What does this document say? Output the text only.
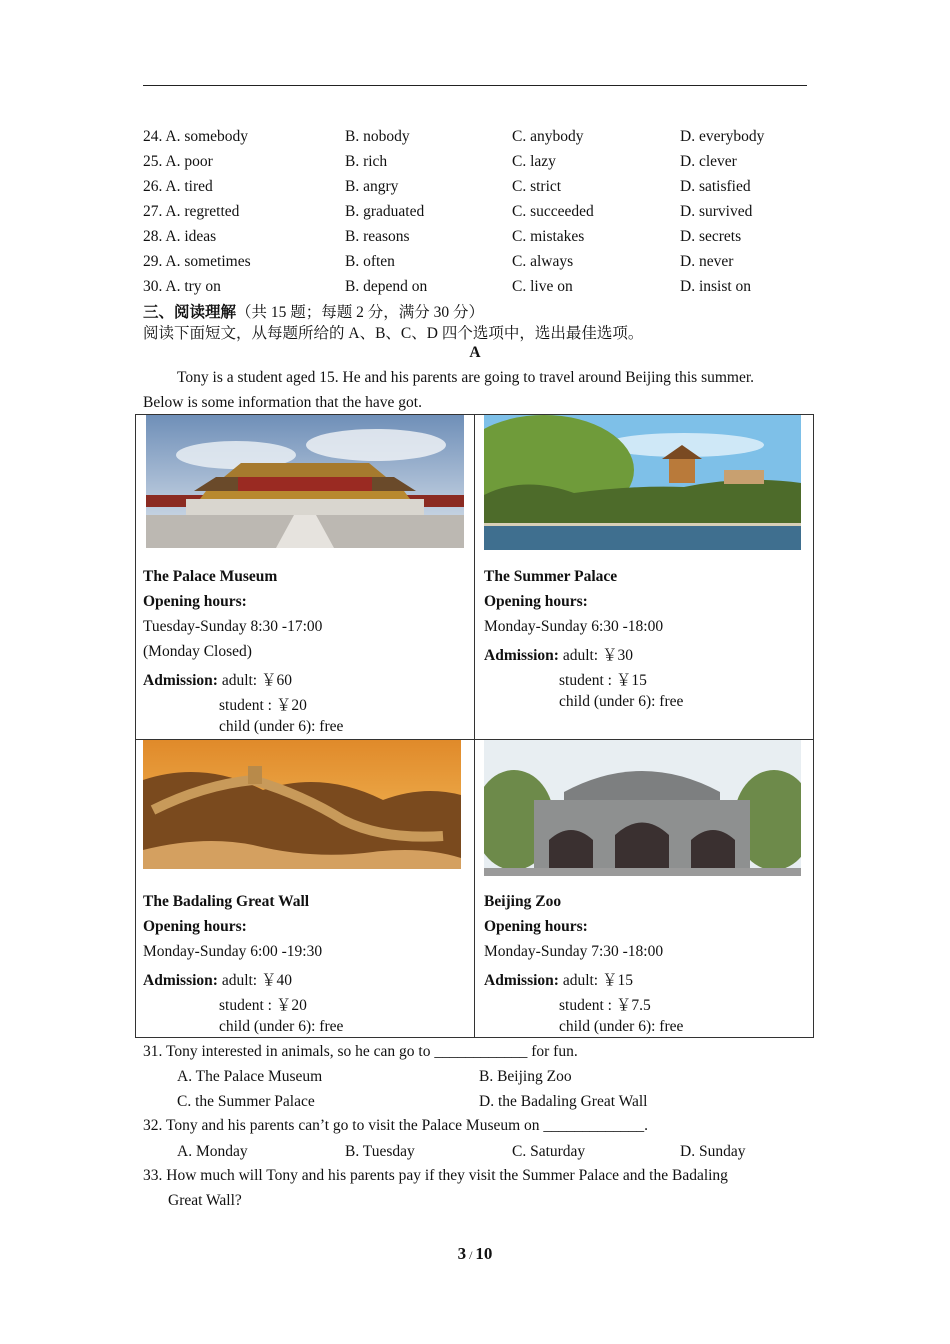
24. A. somebody	B. nobody	C. anybody	D. everybody
25. A. poor	B. rich	C. lazy	D. clever
26. A. tired	B. angry	C. strict	D. satisfied
27. A. regretted	B. graduated	C. succeeded	D. survived
28. A. ideas	B. reasons	C. mistakes	D. secrets
29. A. sometimes	B. often	C. always	D. never
30. A. try on	B. depend on	C. live on	D. insist on
三、阅读理解（共 15 题；每题 2 分，满分 30 分）
阅读下面短文，从每题所给的 A、B、C、D 四个选项中，选出最佳选项。
A
Tony is a student aged 15. He and his parents are going to travel around Beijing this summer.
Below is some information that the have got.
The Palace Museum
Opening hours:
Tuesday-Sunday 8:30 -17:00
(Monday Closed)
Admission: adult: ￥60
student : ￥20
child (under 6): free
The Summer Palace
Opening hours:
Monday-Sunday 6:30 -18:00
Admission: adult: ￥30
student : ￥15
child (under 6): free
The Badaling Great Wall
Opening hours:
Monday-Sunday 6:00 -19:30
Admission: adult: ￥40
student : ￥20
child (under 6): free
Beijing Zoo
Opening hours:
Monday-Sunday 7:30 -18:00
Admission: adult: ￥15
student : ￥7.5
child (under 6): free
31. Tony interested in animals, so he can go to ____________ for fun.
A. The Palace Museum	B. Beijing Zoo
C. the Summer Palace	D. the Badaling Great Wall
32. Tony and his parents can’t go to visit the Palace Museum on _____________.
A. Monday	B. Tuesday	C. Saturday	D. Sunday
33. How much will Tony and his parents pay if they visit the Summer Palace and the Badaling
Great Wall?
3 / 10
